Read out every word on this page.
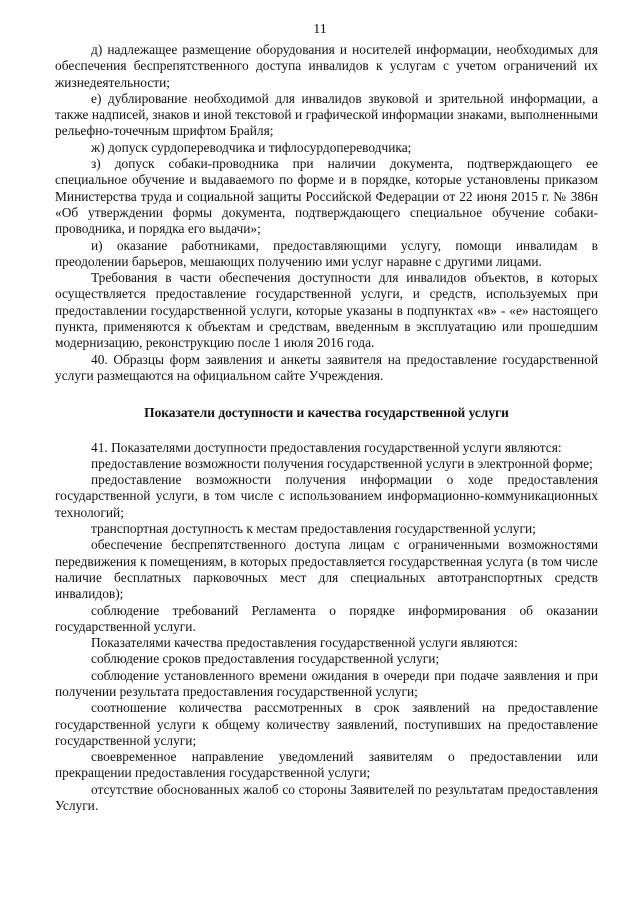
11

д) надлежащее размещение оборудования и носителей информации, необходимых для обеспечения беспрепятственного доступа инвалидов к услугам с учетом ограничений их жизнедеятельности;

е) дублирование необходимой для инвалидов звуковой и зрительной информации, а также надписей, знаков и иной текстовой и графической информации знаками, выполненными рельефно-точечным шрифтом Брайля;

ж) допуск сурдопереводчика и тифлосурдопереводчика;

з) допуск собаки-проводника при наличии документа, подтверждающего ее специальное обучение и выдаваемого по форме и в порядке, которые установлены приказом Министерства труда и социальной защиты Российской Федерации от 22 июня 2015 г. № 386н «Об утверждении формы документа, подтверждающего специальное обучение собаки-проводника, и порядка его выдачи»;

и) оказание работниками, предоставляющими услугу, помощи инвалидам в преодолении барьеров, мешающих получению ими услуг наравне с другими лицами.

Требования в части обеспечения доступности для инвалидов объектов, в которых осуществляется предоставление государственной услуги, и средств, используемых при предоставлении государственной услуги, которые указаны в подпунктах «в» - «е» настоящего пункта, применяются к объектам и средствам, введенным в эксплуатацию или прошедшим модернизацию, реконструкцию после 1 июля 2016 года.

40. Образцы форм заявления и анкеты заявителя на предоставление государственной услуги размещаются на официальном сайте Учреждения.

Показатели доступности и качества государственной услуги

41. Показателями доступности предоставления государственной услуги являются:

предоставление возможности получения государственной услуги в электронной форме;

предоставление возможности получения информации о ходе предоставления государственной услуги, в том числе с использованием информационно-коммуникационных технологий;

транспортная доступность к местам предоставления государственной услуги;

обеспечение беспрепятственного доступа лицам с ограниченными возможностями передвижения к помещениям, в которых предоставляется государственная услуга (в том числе наличие бесплатных парковочных мест для специальных автотранспортных средств инвалидов);

соблюдение требований Регламента о порядке информирования об оказании государственной услуги.

Показателями качества предоставления государственной услуги являются:

соблюдение сроков предоставления государственной услуги;

соблюдение установленного времени ожидания в очереди при подаче заявления и при получении результата предоставления государственной услуги;

соотношение количества рассмотренных в срок заявлений на предоставление государственной услуги к общему количеству заявлений, поступивших на предоставление государственной услуги;

своевременное направление уведомлений заявителям о предоставлении или прекращении предоставления государственной услуги;

отсутствие обоснованных жалоб со стороны Заявителей по результатам предоставления Услуги.
